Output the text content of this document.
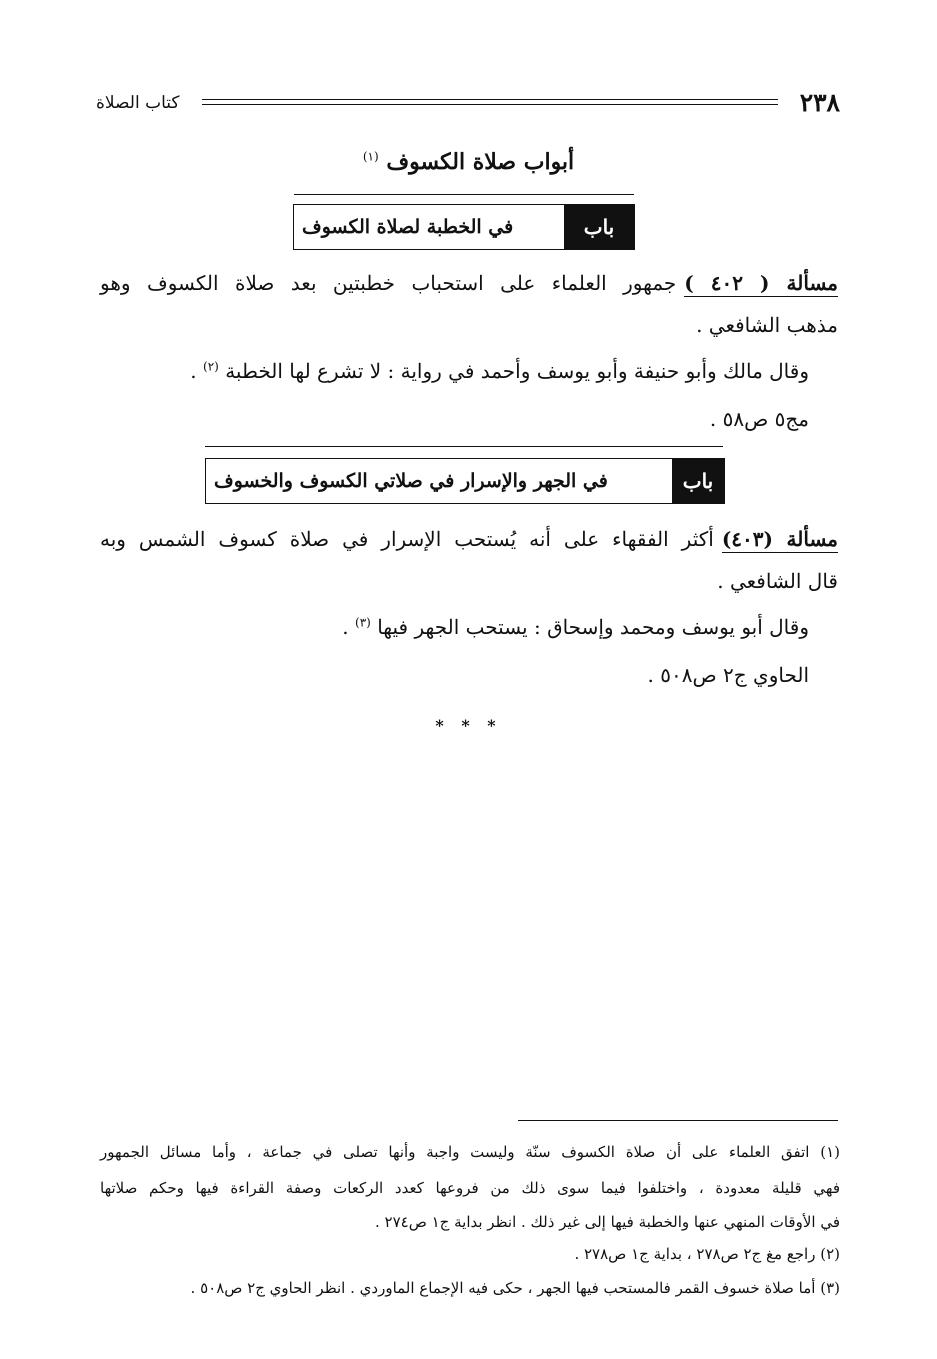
٢٣٨
كتاب الصلاة
أبواب صلاة الكسوف $^{(١)}$
باب
في الخطبة لصلاة الكسوف
مسألة ( ٤٠٢ )جمهور العلماء على استحباب خطبتين بعد صلاة الكسوف وهو
مذهب الشافعي .
وقال مالك وأبو حنيفة وأبو يوسف وأحمد في رواية : لا تشرع لها الخطبة $^{(٢)}$ .
مج٥ ص٥٨ .
باب
في الجهر والإسرار في صلاتي الكسوف والخسوف
مسألة (٤٠٣)أكثر الفقهاء على أنه يُستحب الإسرار في صلاة كسوف الشمس وبه
قال الشافعي .
وقال أبو يوسف ومحمد وإسحاق : يستحب الجهر فيها $^{(٣)}$ .
الحاوي ج٢ ص٥٠٨ .
* * *
(١) اتفق العلماء على أن صلاة الكسوف سنّة وليست واجبة وأنها تصلى في جماعة ، وأما مسائل الجمهور
فهي قليلة معدودة ، واختلفوا فيما سوى ذلك من فروعها كعدد الركعات وصفة القراءة فيها وحكم صلاتها
في الأوقات المنهي عنها والخطبة فيها إلى غير ذلك . انظر بداية ج١ ص٢٧٤ .
(٢) راجع مغ ج٢ ص٢٧٨ ، بداية ج١ ص٢٧٨ .
(٣) أما صلاة خسوف القمر فالمستحب فيها الجهر ، حكى فيه الإجماع الماوردي . انظر الحاوي ج٢ ص٥٠٨ .
